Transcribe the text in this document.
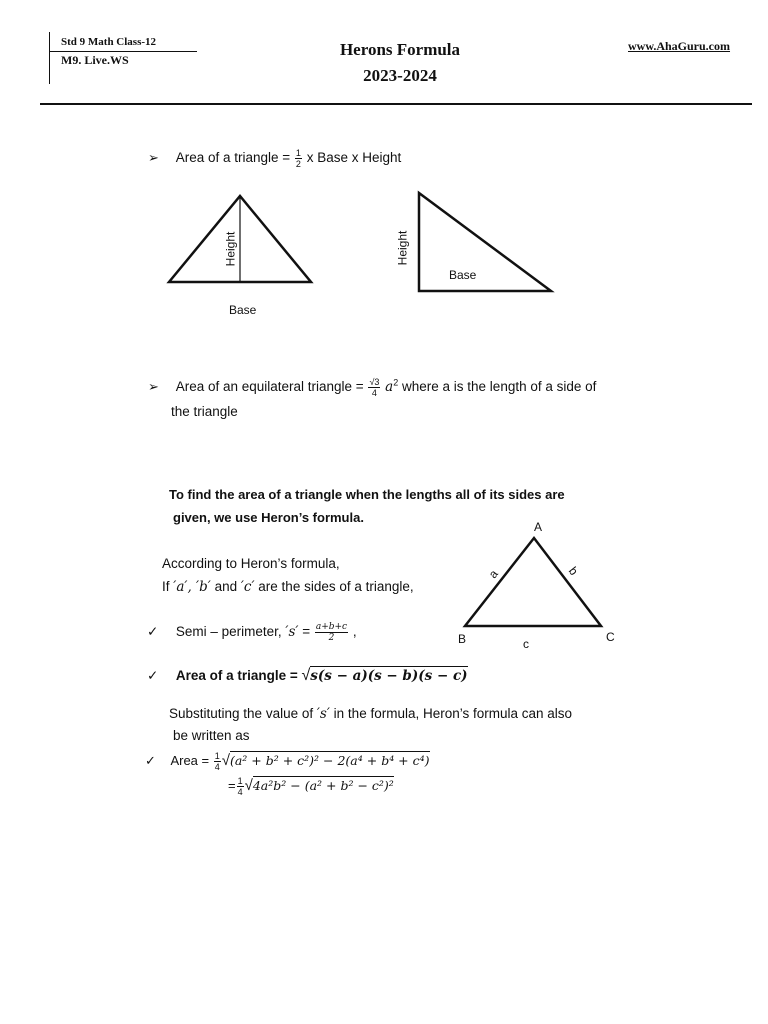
Std 9 Math Class-12
M9. Live.WS
Herons Formula
2023-2024
www.AhaGuru.com
➢ Area of a triangle = $\frac{1}{2}$ x Base x Height
Height
Base
Height
Base
➢ Area of an equilateral triangle = $\frac{√3}{4} a^2$ where a is the length of a side of
the triangle
To find the area of a triangle when the lengths all of its sides are
given, we use Heron’s formula.
According to Heron’s formula,
If ′a′, ′b′ and ′c′ are the sides of a triangle,
A
B	C
a	b
c
✓ Semi – perimeter, $'s' = \frac{a+b+c}{2}$ ,
✓ Area of a triangle = √s(s − a)(s − b)(s − c)
Substituting the value of ′s′ in the formula, Heron’s formula can also
be written as
✓ Area = $\frac{1}{4} √(a^2 + b^2 + c^2)^2 - 2(a^4 + b^4 + c^4)$
= $\frac{1}{4} √4a^2b^2 - (a^2 + b^2 - c^2)^2$
